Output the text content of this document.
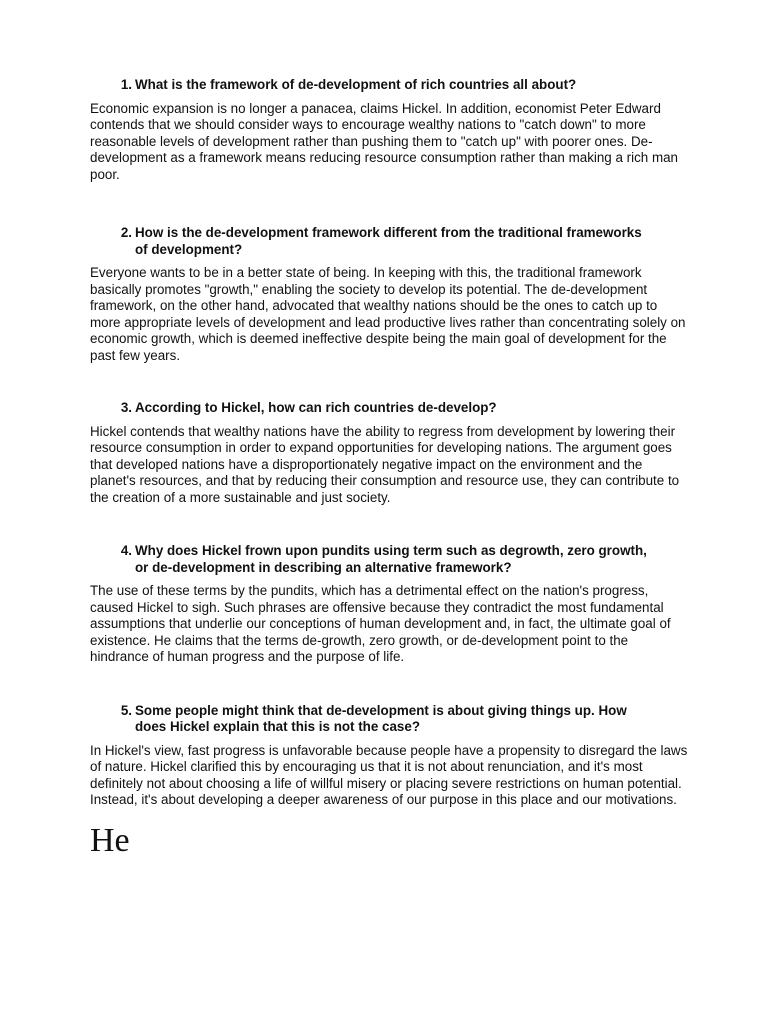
1. What is the framework of de-development of rich countries all about?

Economic expansion is no longer a panacea, claims Hickel. In addition, economist Peter Edward contends that we should consider ways to encourage wealthy nations to "catch down" to more reasonable levels of development rather than pushing them to "catch up" with poorer ones. De-development as a framework means reducing resource consumption rather than making a rich man poor.

2. How is the de-development framework different from the traditional frameworks of development?

Everyone wants to be in a better state of being. In keeping with this, the traditional framework basically promotes "growth," enabling the society to develop its potential. The de-development framework, on the other hand, advocated that wealthy nations should be the ones to catch up to more appropriate levels of development and lead productive lives rather than concentrating solely on economic growth, which is deemed ineffective despite being the main goal of development for the past few years.

3. According to Hickel, how can rich countries de-develop?

Hickel contends that wealthy nations have the ability to regress from development by lowering their resource consumption in order to expand opportunities for developing nations. The argument goes that developed nations have a disproportionately negative impact on the environment and the planet's resources, and that by reducing their consumption and resource use, they can contribute to the creation of a more sustainable and just society.

4. Why does Hickel frown upon pundits using term such as degrowth, zero growth, or de-development in describing an alternative framework?

The use of these terms by the pundits, which has a detrimental effect on the nation's progress, caused Hickel to sigh. Such phrases are offensive because they contradict the most fundamental assumptions that underlie our conceptions of human development and, in fact, the ultimate goal of existence. He claims that the terms de-growth, zero growth, or de-development point to the hindrance of human progress and the purpose of life.

5. Some people might think that de-development is about giving things up. How does Hickel explain that this is not the case?

In Hickel's view, fast progress is unfavorable because people have a propensity to disregard the laws of nature. Hickel clarified this by encouraging us that it is not about renunciation, and it's most definitely not about choosing a life of willful misery or placing severe restrictions on human potential. Instead, it's about developing a deeper awareness of our purpose in this place and our motivations.

He
